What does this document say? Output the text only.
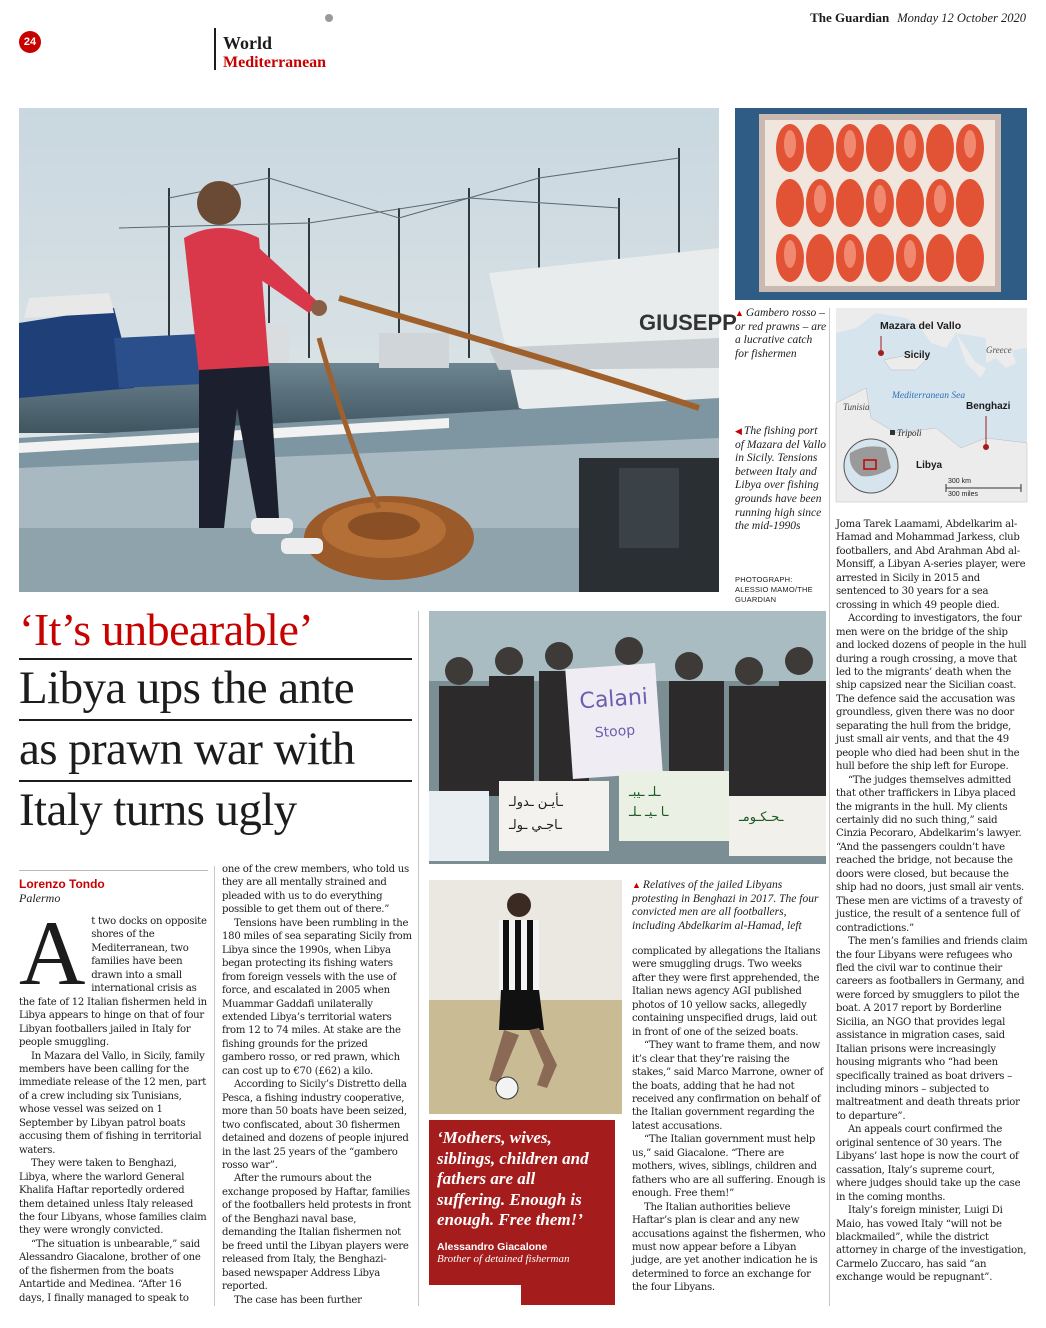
24	World
Mediterranean
The Guardian Monday 12 October 2020
GIUSEPP
▲ Gambero rosso – or red prawns – are a lucrative catch for fishermen
◀ The fishing port of Mazara del Vallo in Sicily. Tensions between Italy and Libya over fishing grounds have been running high since the mid-1990s
PHOTOGRAPH: ALESSIO MAMO/THE GUARDIAN
Mazara del Vallo
Sicily	Greece
Mediterranean Sea
Tunisia	Benghazi
Tripoli
Libya
300 km
300 miles
‘It’s unbearable’
Libya ups the ante
as prawn war with
Italy turns ugly
Calani
Stoop
ـلـ ـيبـ
ـا ـيـ ـلـ	ـحـكـومـ
ـأيـن ـدولـ
ـاجـي ـولـ
▲ Relatives of the jailed Libyans protesting in Benghazi in 2017. The four convicted men are all footballers, including Abdelkarim al-Hamad, left
‘Mothers, wives, siblings, children and fathers are all suffering. Enough is enough. Free them!’
Alessandro Giacalone
Brother of detained fisherman
Lorenzo Tondo
Palermo
A t two docks on opposite shores of the Mediterranean, two families have been drawn into a small international crisis as the fate of 12 Italian fishermen held in Libya appears to hinge on that of four Libyan footballers jailed in Italy for people smuggling.

In Mazara del Vallo, in Sicily, family members have been calling for the immediate release of the 12 men, part of a crew including six Tunisians, whose vessel was seized on 1 September by Libyan patrol boats accusing them of fishing in territorial waters.

They were taken to Benghazi, Libya, where the warlord General Khalifa Haftar reportedly ordered them detained unless Italy released the four Libyans, whose families claim they were wrongly convicted.

“The situation is unbearable,” said Alessandro Giacalone, brother of one of the fishermen from the boats Antartide and Medinea. “After 16 days, I finally managed to speak to

one of the crew members, who told us they are all mentally strained and pleaded with us to do everything possible to get them out of there.”

Tensions have been rumbling in the 180 miles of sea separating Sicily from Libya since the 1990s, when Libya began protecting its fishing waters from foreign vessels with the use of force, and escalated in 2005 when Muammar Gaddafi unilaterally extended Libya’s territorial waters from 12 to 74 miles. At stake are the fishing grounds for the prized gambero rosso, or red prawn, which can cost up to €70 (£62) a kilo.

According to Sicily’s Distretto della Pesca, a fishing industry cooperative, more than 50 boats have been seized, two confiscated, about 30 fishermen detained and dozens of people injured in the last 25 years of the “gambero rosso war”.

After the rumours about the exchange proposed by Haftar, families of the footballers held protests in front of the Benghazi naval base, demanding the Italian fishermen not be freed until the Libyan players were released from Italy, the Benghazi-based newspaper Address Libya reported.

The case has been further

complicated by allegations the Italians were smuggling drugs. Two weeks after they were first apprehended, the Italian news agency AGI published photos of 10 yellow sacks, allegedly containing unspecified drugs, laid out in front of one of the seized boats.

“They want to frame them, and now it’s clear that they’re raising the stakes,” said Marco Marrone, owner of the boats, adding that he had not received any confirmation on behalf of the Italian government regarding the latest accusations.

“The Italian government must help us,” said Giacalone. “There are mothers, wives, siblings, children and fathers who are all suffering. Enough is enough. Free them!”

The Italian authorities believe Haftar’s plan is clear and any new accusations against the fishermen, who must now appear before a Libyan judge, are yet another indication he is determined to force an exchange for the four Libyans.

Joma Tarek Laamami, Abdelkarim al-Hamad and Mohammad Jarkess, club footballers, and Abd Arahman Abd al-Monsiff, a Libyan A-series player, were arrested in Sicily in 2015 and sentenced to 30 years for a sea crossing in which 49 people died.

According to investigators, the four men were on the bridge of the ship and locked dozens of people in the hull during a rough crossing, a move that led to the migrants’ death when the ship capsized near the Sicilian coast. The defence said the accusation was groundless, given there was no door separating the hull from the bridge, just small air vents, and that the 49 people who died had been shut in the hull before the ship left for Europe.

“The judges themselves admitted that other traffickers in Libya placed the migrants in the hull. My clients certainly did no such thing,” said Cinzia Pecoraro, Abdelkarim’s lawyer. “And the passengers couldn’t have reached the bridge, not because the doors were closed, but because the ship had no doors, just small air vents. These men are victims of a travesty of justice, the result of a sentence full of contradictions.”

The men’s families and friends claim the four Libyans were refugees who fled the civil war to continue their careers as footballers in Germany, and were forced by smugglers to pilot the boat. A 2017 report by Borderline Sicilia, an NGO that provides legal assistance in migration cases, said Italian prisons were increasingly housing migrants who “had been specifically trained as boat drivers – including minors – subjected to maltreatment and death threats prior to departure”.

An appeals court confirmed the original sentence of 30 years. The Libyans’ last hope is now the court of cassation, Italy’s supreme court, where judges should take up the case in the coming months.

Italy’s foreign minister, Luigi Di Maio, has vowed Italy “will not be blackmailed”, while the district attorney in charge of the investigation, Carmelo Zuccaro, has said “an exchange would be repugnant”.
